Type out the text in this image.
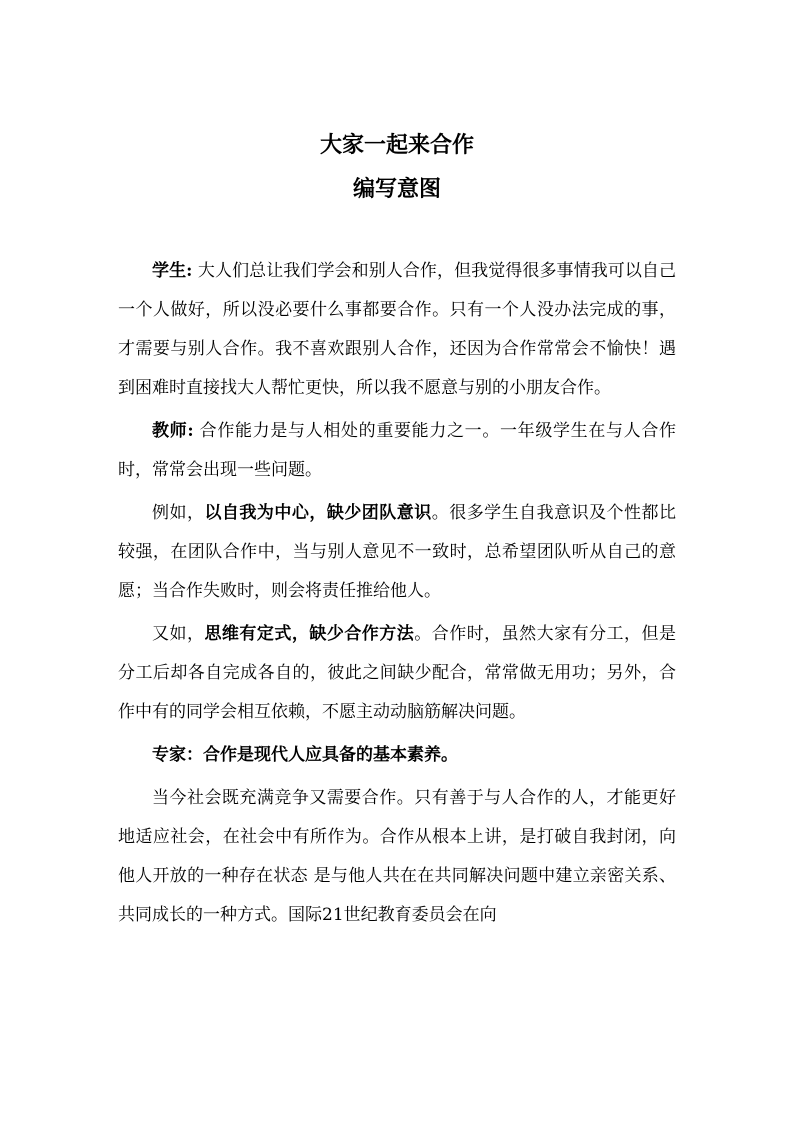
大家一起来合作
编写意图

学生: 大人们总让我们学会和别人合作，但我觉得很多事情我可以自己一个人做好，所以没必要什么事都要合作。只有一个人没办法完成的事，才需要与别人合作。我不喜欢跟别人合作，还因为合作常常会不愉快！遇到困难时直接找大人帮忙更快，所以我不愿意与别的小朋友合作。

教师: 合作能力是与人相处的重要能力之一。一年级学生在与人合作时，常常会出现一些问题。

例如，以自我为中心，缺少团队意识。很多学生自我意识及个性都比较强，在团队合作中，当与别人意见不一致时，总希望团队听从自己的意愿；当合作失败时，则会将责任推给他人。

又如，思维有定式，缺少合作方法。合作时，虽然大家有分工，但是分工后却各自完成各自的，彼此之间缺少配合，常常做无用功；另外，合作中有的同学会相互依赖，不愿主动动脑筋解决问题。

专家：合作是现代人应具备的基本素养。

当今社会既充满竞争又需要合作。只有善于与人合作的人，才能更好地适应社会，在社会中有所作为。合作从根本上讲，是打破自我封闭，向他人开放的一种存在状态 是与他人共在在共同解决问题中建立亲密关系、共同成长的一种方式。国际21世纪教育委员会在向
